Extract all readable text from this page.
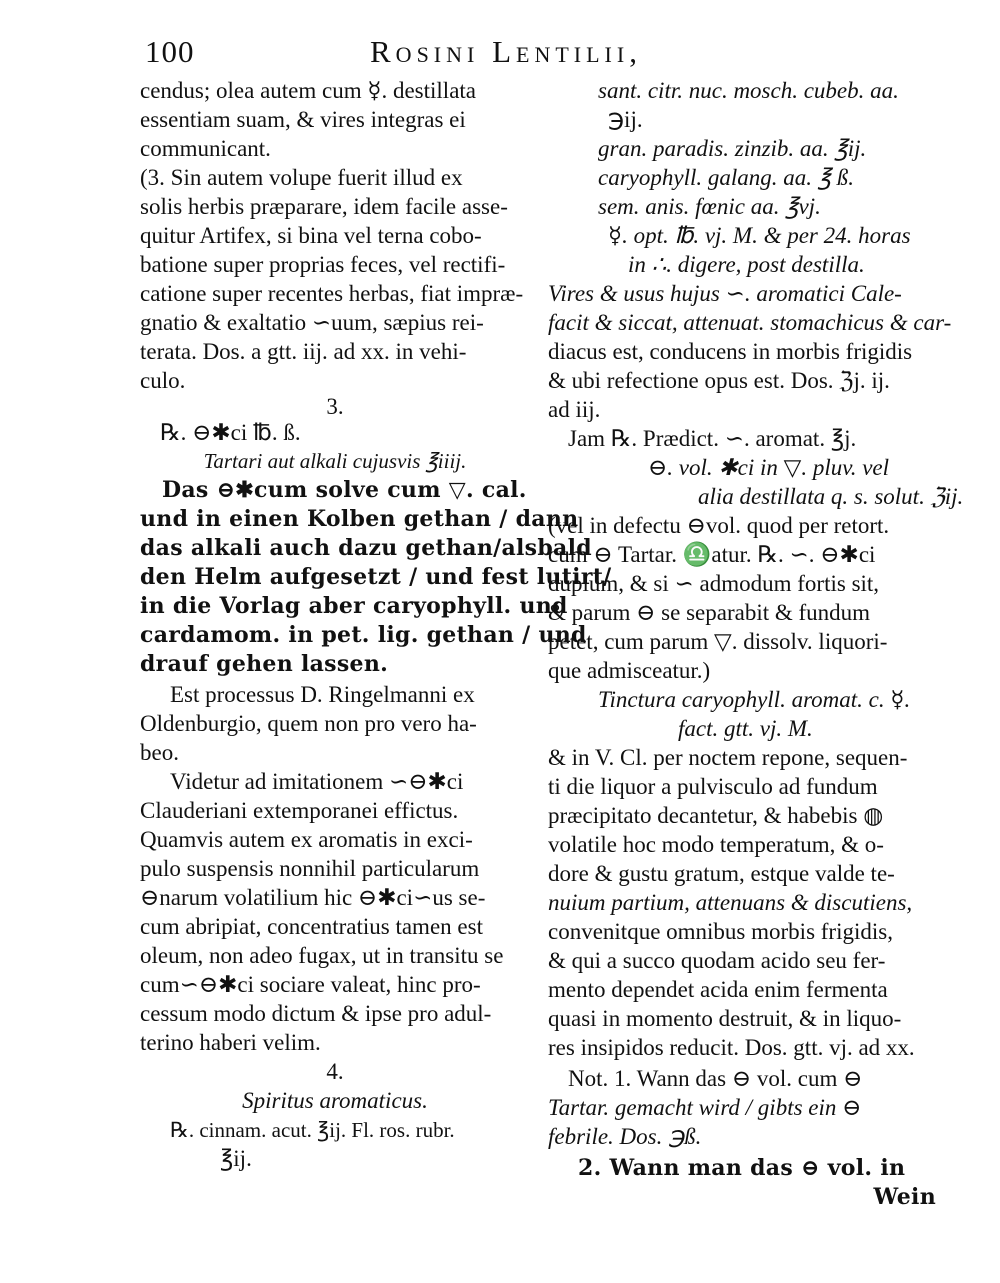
100	Rosini Lentilii,
cendus; olea autem cum ☿. destillata
essentiam suam, & vires integras ei
communicant.
(3. Sin autem volupe fuerit illud ex
solis herbis præparare, idem facile asse-
quitur Artifex, si bina vel terna cobo-
batione super proprias feces, vel rectifi-
catione super recentes herbas, fiat impræ-
gnatio & exaltatio ∽uum, sæpius rei-
terata. Dos. a gtt. iij. ad xx. in vehi-
culo.
3.
℞. ⊖✱ci ℔. ß.
Tartari aut alkali cujusvis ℥iiij.
Das ⊖✱cum solve cum ▽. cal.
und in einen Kolben gethan / dann
das alkali auch dazu gethan/alsbald
den Helm aufgesetzt / und fest lutirt/
in die Vorlag aber caryophyll. und
cardamom. in pet. lig. gethan / und
drauf gehen lassen.
Est processus D. Ringelmanni ex
Oldenburgio, quem non pro vero ha-
beo.
Videtur ad imitationem ∽⊖✱ci
Clauderiani extemporanei effictus.
Quamvis autem ex aromatis in exci-
pulo suspensis nonnihil particularum
⊖narum volatilium hic ⊖✱ci∽us se-
cum abripiat, concentratius tamen est
oleum, non adeo fugax, ut in transitu se
cum∽⊖✱ci sociare valeat, hinc pro-
cessum modo dictum & ipse pro adul-
terino haberi velim.
4.
Spiritus aromaticus.
℞. cinnam. acut. ℥ij. Fl. ros. rubr.
℥ij.
sant. citr. nuc. mosch. cubeb. aa.
℈ij.
gran. paradis. zinzib. aa. ℥ij.
caryophyll. galang. aa. ℥ ß.
sem. anis. fœnic aa. ℥vj.
☿. opt. ℔. vj. M. & per 24. horas
in ∴. digere, post destilla.
Vires & usus hujus ∽. aromatici Cale-
facit & siccat, attenuat. stomachicus & car-
diacus est, conducens in morbis frigidis
& ubi refectione opus est. Dos. ℨj. ij.
ad iij.
Jam ℞. Prædict. ∽. aromat. ℥j.
⊖. vol. ✱ci in ▽. pluv. vel
alia destillata q. s. solut. ℨij.
(vel in defectu ⊖vol. quod per retort.
cum ⊖ Tartar. ♎atur. ℞. ∽. ⊖✱ci
duplum, & si ∽ admodum fortis sit,
& parum ⊖ se separabit & fundum
petet, cum parum ▽. dissolv. liquori-
que admisceatur.)
Tinctura caryophyll. aromat. c. ☿.
fact. gtt. vj. M.
& in V. Cl. per noctem repone, sequen-
ti die liquor a pulvisculo ad fundum
præcipitato decantetur, & habebis ◍
volatile hoc modo temperatum, & o-
dore & gustu gratum, estque valde te-
nuium partium, attenuans & discutiens,
convenitque omnibus morbis frigidis,
& qui a succo quodam acido seu fer-
mento dependet acida enim fermenta
quasi in momento destruit, & in liquo-
res insipidos reducit. Dos. gtt. vj. ad xx.
Not. 1. Wann das ⊖ vol. cum ⊖
Tartar. gemacht wird / gibts ein ⊖
febrile. Dos. ℈ß.
2. Wann man das ⊖ vol. in
Wein
